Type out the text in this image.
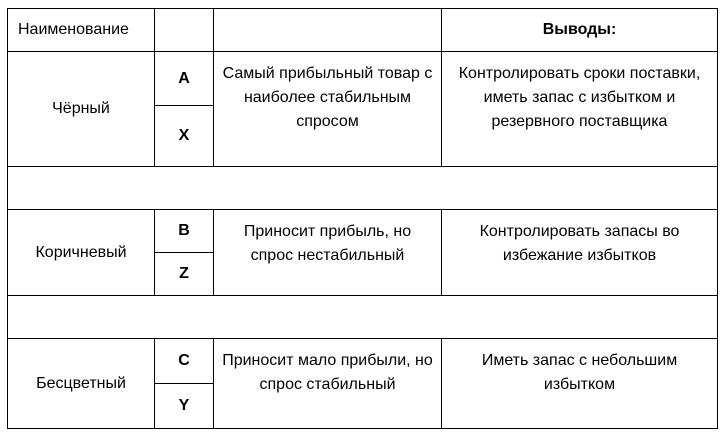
Наименование			Выводы:
Чёрный	A	Самый прибыльный товар с наиболее стабильным спросом	Контролировать сроки поставки, иметь запас с избытком и резервного поставщика
	X		

Коричневый	B	Приносит прибыль, но спрос нестабильный	Контролировать запасы во избежание избытков
	Z		

Бесцветный	C	Приносит мало прибыли, но спрос стабильный	Иметь запас с небольшим избытком
	Y		
